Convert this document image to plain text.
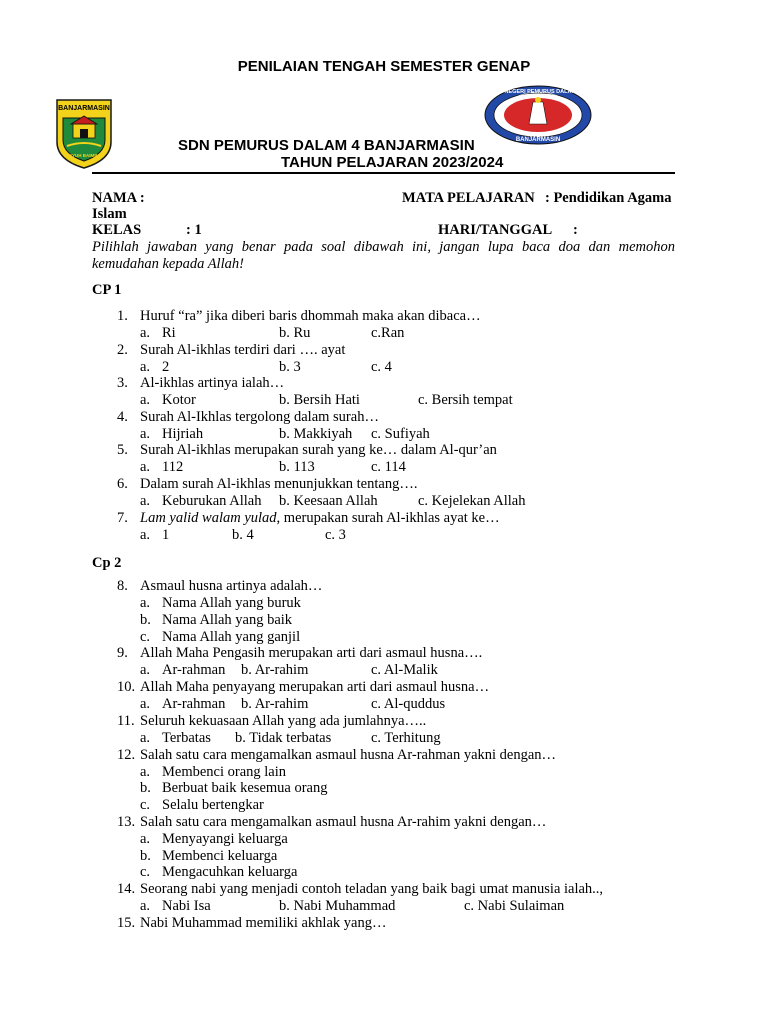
PENILAIAN TENGAH SEMESTER GENAP
BANJARMASIN
KAYUH BAIMBAI
SD NEGERI PEMURUS DALAM 4
BANJARMASIN
SDN PEMURUS DALAM 4 BANJARMASIN
TAHUN PELAJARAN 2023/2024
NAMA :	MATA PELAJARAN : Pendidikan Agama
Islam
KELAS	: 1	HARI/TANGGAL :
Pilihlah jawaban yang benar pada soal dibawah ini, jangan lupa baca doa dan memohon
kemudahan kepada Allah!
CP 1
1. Huruf “ra” jika diberi baris dhommah maka akan dibaca…
a. Ri	b. Ru	c.Ran
2. Surah Al-ikhlas terdiri dari …. ayat
a. 2	b. 3	c. 4
3. Al-ikhlas artinya ialah…
a. Kotor	b. Bersih Hati	c. Bersih tempat
4. Surah Al-Ikhlas tergolong dalam surah…
a. Hijriah	b. Makkiyah c. Sufiyah
5. Surah Al-ikhlas merupakan surah yang ke… dalam Al-qur’an
a. 112	b. 113	c. 114
6. Dalam surah Al-ikhlas menunjukkan tentang….
a. Keburukan Allah b. Keesaan Allah	c. Kejelekan Allah
7. Lam yalid walam yulad, merupakan surah Al-ikhlas ayat ke…
a. 1	b. 4	c. 3
Cp 2
8. Asmaul husna artinya adalah…
a. Nama Allah yang buruk
b. Nama Allah yang baik
c. Nama Allah yang ganjil
9. Allah Maha Pengasih merupakan arti dari asmaul husna….
a. Ar-rahman b. Ar-rahim	c. Al-Malik
10. Allah Maha penyayang merupakan arti dari asmaul husna…
a. Ar-rahman b. Ar-rahim	c. Al-quddus
11. Seluruh kekuasaan Allah yang ada jumlahnya…..
a. Terbatas b. Tidak terbatas	c. Terhitung
12. Salah satu cara mengamalkan asmaul husna Ar-rahman yakni dengan…
a. Membenci orang lain
b. Berbuat baik kesemua orang
c. Selalu bertengkar
13. Salah satu cara mengamalkan asmaul husna Ar-rahim yakni dengan…
a. Menyayangi keluarga
b. Membenci keluarga
c. Mengacuhkan keluarga
14. Seorang nabi yang menjadi contoh teladan yang baik bagi umat manusia ialah..,
a. Nabi Isa	b. Nabi Muhammad	c. Nabi Sulaiman
15. Nabi Muhammad memiliki akhlak yang…
